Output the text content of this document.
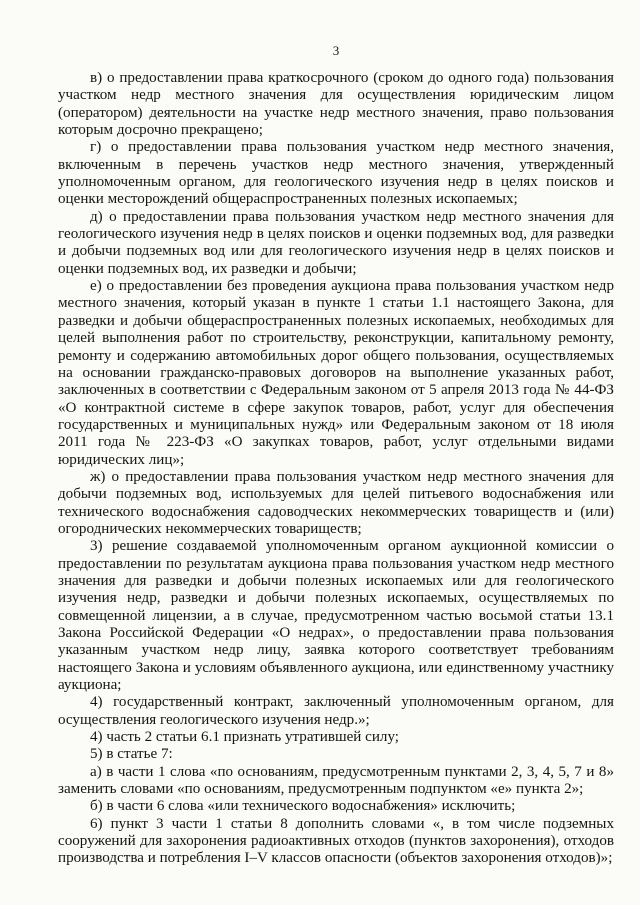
3

в) о предоставлении права краткосрочного (сроком до одного года) пользования участком недр местного значения для осуществления юридическим лицом (оператором) деятельности на участке недр местного значения, право пользования которым досрочно прекращено;

г) о предоставлении права пользования участком недр местного значения, включенным в перечень участков недр местного значения, утвержденный уполномоченным органом, для геологического изучения недр в целях поисков и оценки месторождений общераспространенных полезных ископаемых;

д) о предоставлении права пользования участком недр местного значения для геологического изучения недр в целях поисков и оценки подземных вод, для разведки и добычи подземных вод или для геологического изучения недр в целях поисков и оценки подземных вод, их разведки и добычи;

е) о предоставлении без проведения аукциона права пользования участком недр местного значения, который указан в пункте 1 статьи 1.1 настоящего Закона, для разведки и добычи общераспространенных полезных ископаемых, необходимых для целей выполнения работ по строительству, реконструкции, капитальному ремонту, ремонту и содержанию автомобильных дорог общего пользования, осуществляемых на основании гражданско-правовых договоров на выполнение указанных работ, заключенных в соответствии с Федеральным законом от 5 апреля 2013 года № 44-ФЗ «О контрактной системе в сфере закупок товаров, работ, услуг для обеспечения государственных и муниципальных нужд» или Федеральным законом от 18 июля 2011 года № 223-ФЗ «О закупках товаров, работ, услуг отдельными видами юридических лиц»;

ж) о предоставлении права пользования участком недр местного значения для добычи подземных вод, используемых для целей питьевого водоснабжения или технического водоснабжения садоводческих некоммерческих товариществ и (или) огороднических некоммерческих товариществ;

3) решение создаваемой уполномоченным органом аукционной комиссии о предоставлении по результатам аукциона права пользования участком недр местного значения для разведки и добычи полезных ископаемых или для геологического изучения недр, разведки и добычи полезных ископаемых, осуществляемых по совмещенной лицензии, а в случае, предусмотренном частью восьмой статьи 13.1 Закона Российской Федерации «О недрах», о предоставлении права пользования указанным участком недр лицу, заявка которого соответствует требованиям настоящего Закона и условиям объявленного аукциона, или единственному участнику аукциона;

4) государственный контракт, заключенный уполномоченным органом, для осуществления геологического изучения недр.»;

4) часть 2 статьи 6.1 признать утратившей силу;

5) в статье 7:

а) в части 1 слова «по основаниям, предусмотренным пунктами 2, 3, 4, 5, 7 и 8» заменить словами «по основаниям, предусмотренным подпунктом «е» пункта 2»;

б) в части 6 слова «или технического водоснабжения» исключить;

6) пункт 3 части 1 статьи 8 дополнить словами «, в том числе подземных сооружений для захоронения радиоактивных отходов (пунктов захоронения), отходов производства и потребления I–V классов опасности (объектов захоронения отходов)»;
